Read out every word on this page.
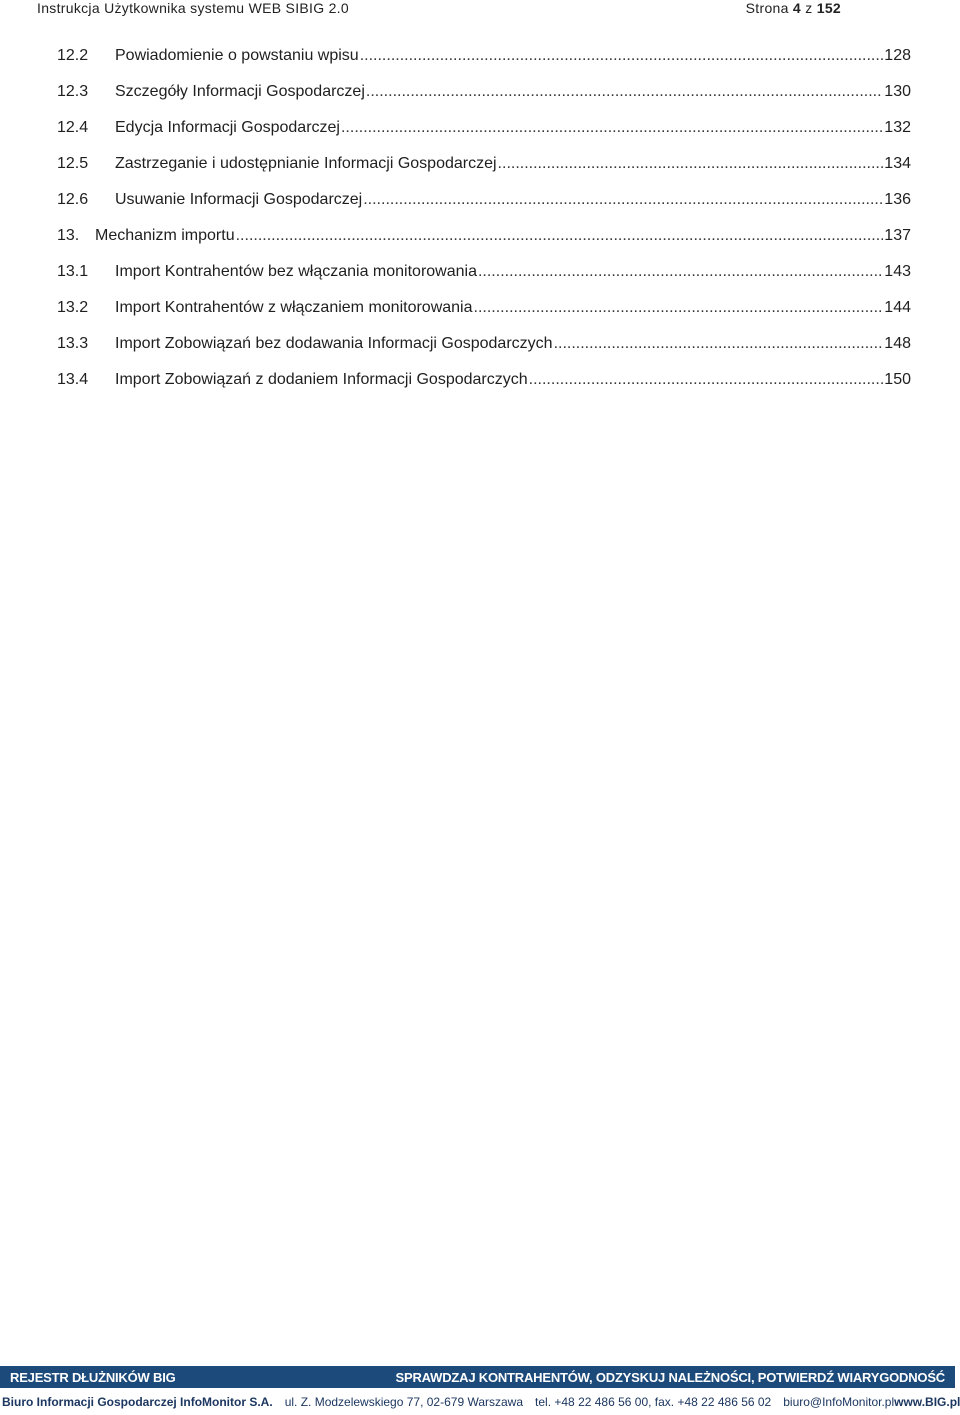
Instrukcja Użytkownika systemu WEB SIBIG 2.0	Strona 4 z 152
12.2	Powiadomienie o powstaniu wpisu .....	128
12.3	Szczegóły Informacji Gospodarczej .....	130
12.4	Edycja Informacji Gospodarczej .....	132
12.5	Zastrzeganie i udostępnianie Informacji Gospodarczej .....	134
12.6	Usuwanie Informacji Gospodarczej .....	136
13. Mechanizm importu .....	137
13.1	Import Kontrahentów bez włączania monitorowania .....	143
13.2	Import Kontrahentów z włączaniem monitorowania .....	144
13.3	Import Zobowiązań bez dodawania Informacji Gospodarczych .....	148
13.4	Import Zobowiązań z dodaniem Informacji Gospodarczych .....	150
REJESTR DŁUŻNIKÓW BIG	SPRAWDZAJ KONTRAHENTÓW, ODZYSKUJ NALEŻNOŚCI, POTWIERDŹ WIARYGODNOŚĆ
Biuro Informacji Gospodarczej InfoMonitor S.A. ul. Z. Modzelewskiego 77, 02-679 Warszawa tel. +48 22 486 56 00, fax. +48 22 486 56 02 biuro@InfoMonitor.pl www.BIG.pl
